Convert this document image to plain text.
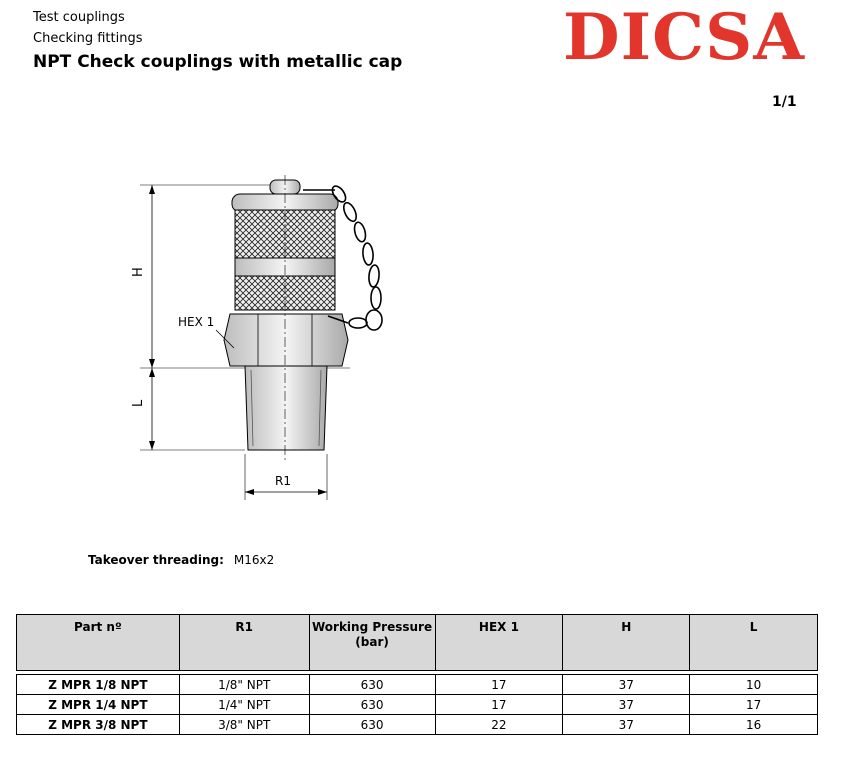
Test couplings
Checking fittings
NPT Check couplings with metallic cap	DICSA
1/1
H
L
HEX 1
R1
Takeover threading: M16x2
Part nº	R1	Working Pressure (bar)	HEX 1	H	L

Z MPR 1/8 NPT	1/8" NPT	630	17	37	10
Z MPR 1/4 NPT	1/4" NPT	630	17	37	17
Z MPR 3/8 NPT	3/8" NPT	630	22	37	16
